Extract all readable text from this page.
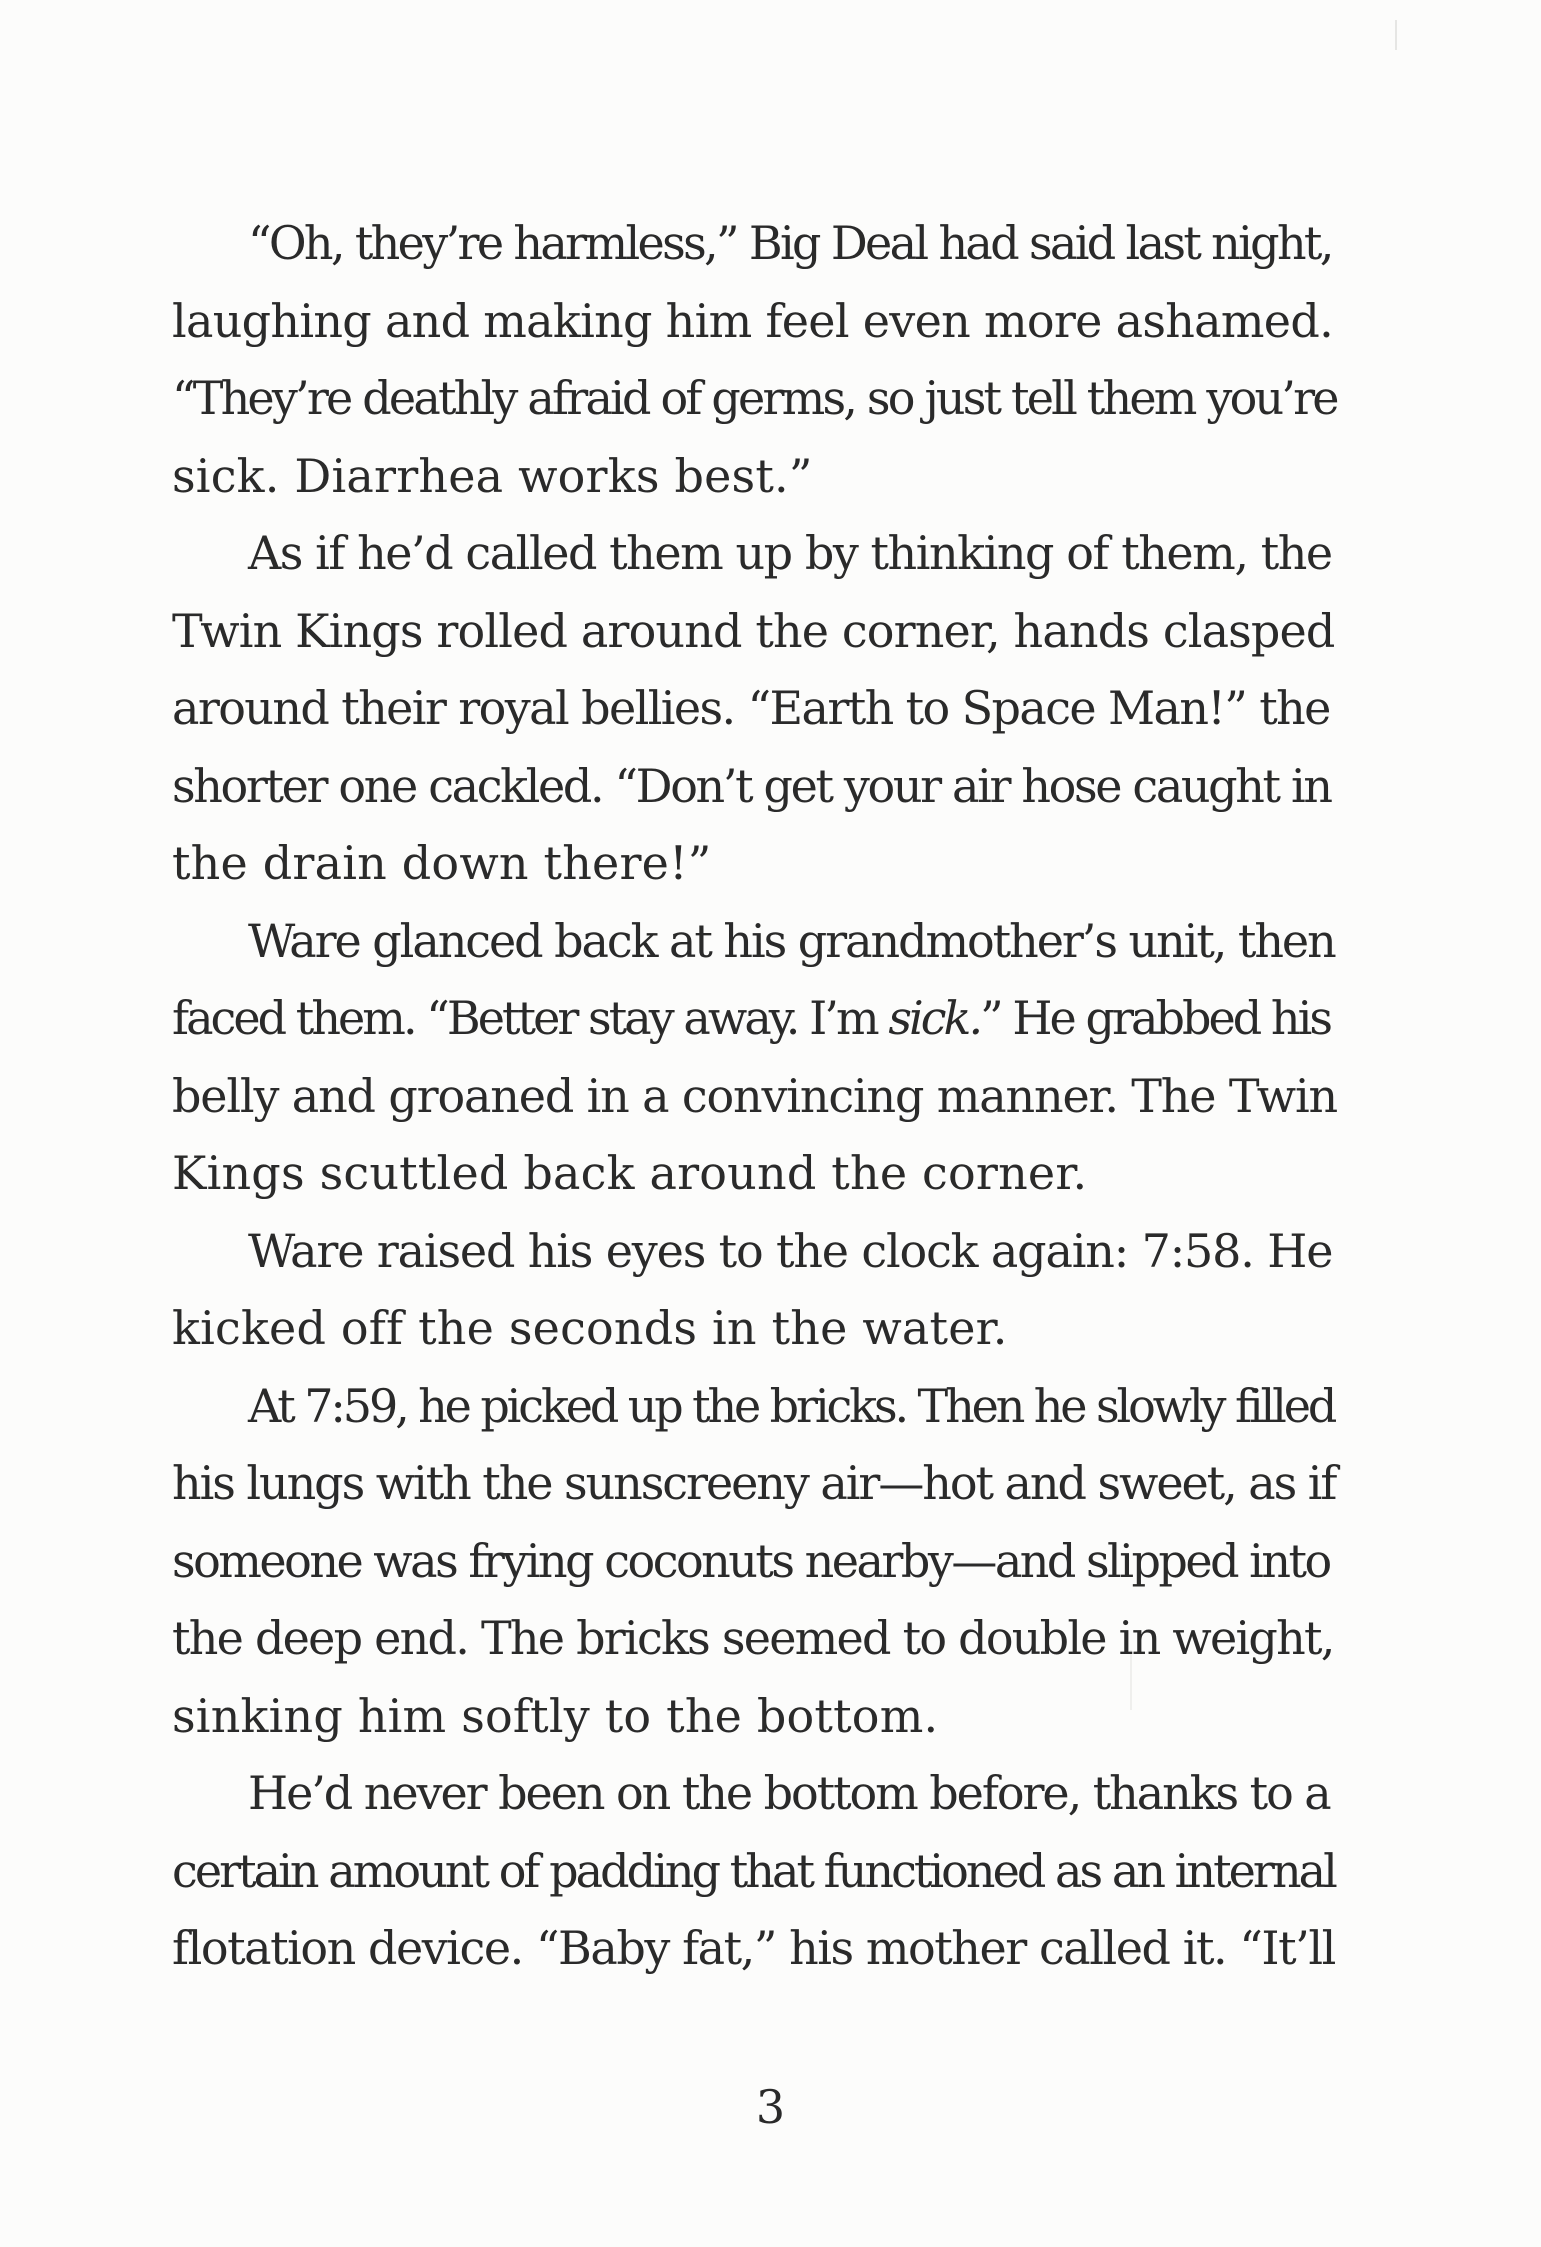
“Oh, they’re harmless,” Big Deal had said last night,
laughing and making him feel even more ashamed.
“They’re deathly afraid of germs, so just tell them you’re
sick. Diarrhea works best.”
As if he’d called them up by thinking of them, the
Twin Kings rolled around the corner, hands clasped
around their royal bellies. “Earth to Space Man!” the
shorter one cackled. “Don’t get your air hose caught in
the drain down there!”
Ware glanced back at his grandmother’s unit, then
faced them. “Better stay away. I’m sick.” He grabbed his
belly and groaned in a convincing manner. The Twin
Kings scuttled back around the corner.
Ware raised his eyes to the clock again: 7:58. He
kicked off the seconds in the water.
At 7:59, he picked up the bricks. Then he slowly filled
his lungs with the sunscreeny air—hot and sweet, as if
someone was frying coconuts nearby—and slipped into
the deep end. The bricks seemed to double in weight,
sinking him softly to the bottom.
He’d never been on the bottom before, thanks to a
certain amount of padding that functioned as an internal
flotation device. “Baby fat,” his mother called it. “It’ll
3
